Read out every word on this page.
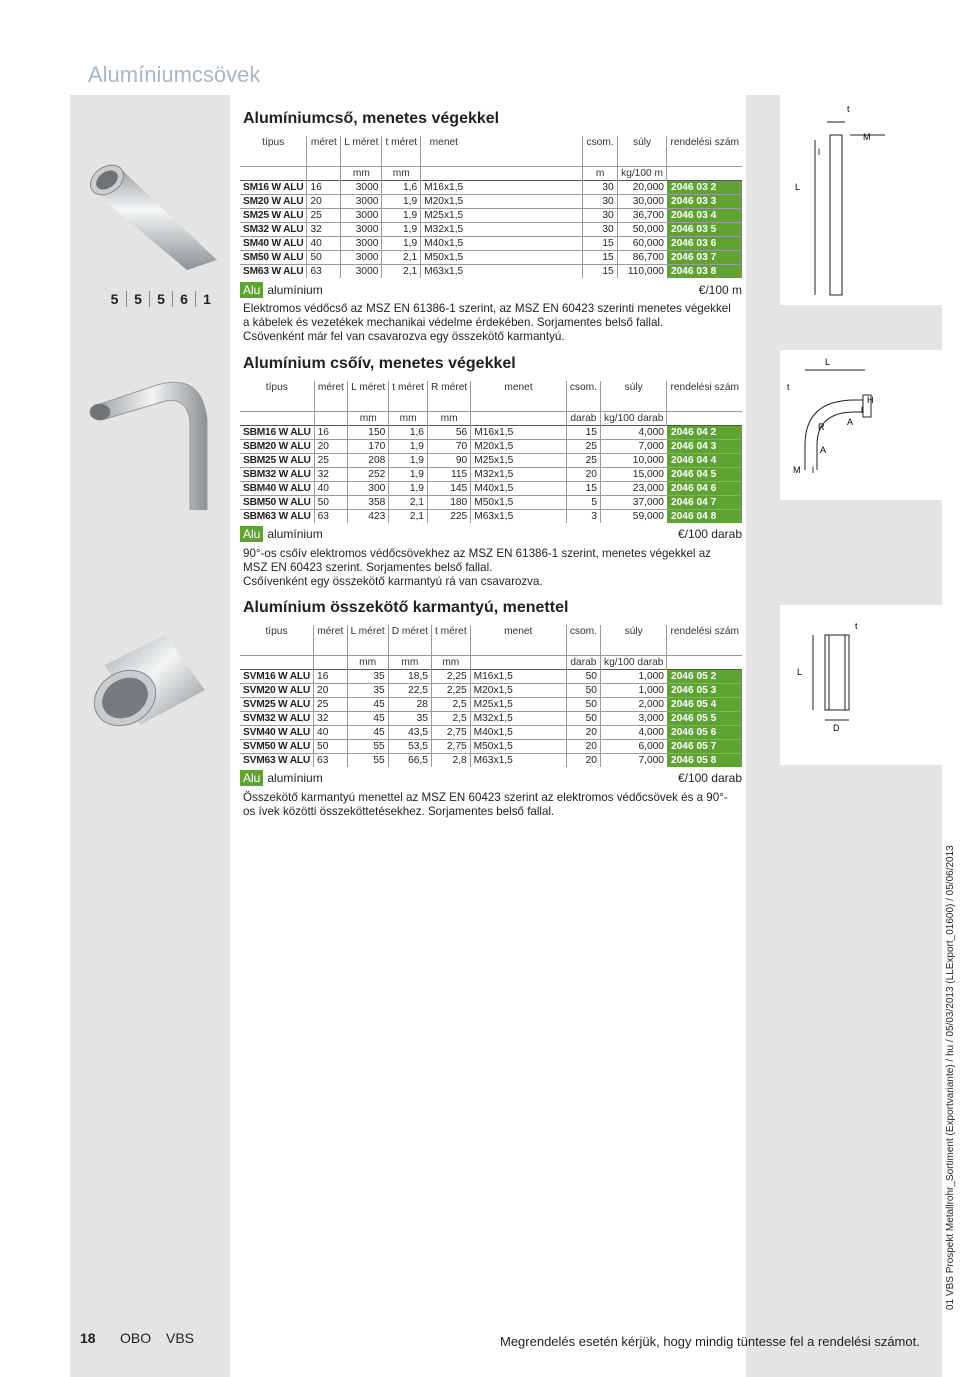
Alumíniumcsövek
5	5	5	6	1
L
t
l
M
L
t
R	A
A
M l
H
l
L
t
D
Alumíniumcső, menetes végekkel
típus	méret	L méret	t méret	menet		csom.	súly	rendelési szám
		mm	mm			m	kg/100 m	
SM16 W ALU	16	3000	1,6	M16x1,5		30	20,000	2046 03 2
SM20 W ALU	20	3000	1,9	M20x1,5		30	30,000	2046 03 3
SM25 W ALU	25	3000	1,9	M25x1,5		30	36,700	2046 03 4
SM32 W ALU	32	3000	1,9	M32x1,5		30	50,000	2046 03 5
SM40 W ALU	40	3000	1,9	M40x1,5		15	60,000	2046 03 6
SM50 W ALU	50	3000	2,1	M50x1,5		15	86,700	2046 03 7
SM63 W ALU	63	3000	2,1	M63x1,5		15	110,000	2046 03 8
Alu alumínium	€/100 m
Elektromos védőcső az MSZ EN 61386-1 szerint, az MSZ EN 60423 szerinti menetes végekkel
a kábelek és vezetékek mechanikai védelme érdekében. Sorjamentes belső fallal.
Csövenként már fel van csavarozva egy összekötő karmantyú.
Alumínium csőív, menetes végekkel
típus	méret	L méret	t méret	R méret	menet	csom.	súly	rendelési szám
		mm	mm	mm		darab	kg/100 darab	
SBM16 W ALU	16	150	1,6	56	M16x1,5	15	4,000	2046 04 2
SBM20 W ALU	20	170	1,9	70	M20x1,5	25	7,000	2046 04 3
SBM25 W ALU	25	208	1,9	90	M25x1,5	25	10,000	2046 04 4
SBM32 W ALU	32	252	1,9	115	M32x1,5	20	15,000	2046 04 5
SBM40 W ALU	40	300	1,9	145	M40x1,5	15	23,000	2046 04 6
SBM50 W ALU	50	358	2,1	180	M50x1,5	5	37,000	2046 04 7
SBM63 W ALU	63	423	2,1	225	M63x1,5	3	59,000	2046 04 8
Alu alumínium	€/100 darab
90°-os csőív elektromos védőcsövekhez az MSZ EN 61386-1 szerint, menetes végekkel az
MSZ EN 60423 szerint. Sorjamentes belső fallal.
Csőívenként egy összekötő karmantyú rá van csavarozva.
Alumínium összekötő karmantyú, menettel
típus	méret	L méret	D méret	t méret	menet	csom.	súly	rendelési szám
		mm	mm	mm		darab	kg/100 darab	
SVM16 W ALU	16	35	18,5	2,25	M16x1,5	50	1,000	2046 05 2
SVM20 W ALU	20	35	22,5	2,25	M20x1,5	50	1,000	2046 05 3
SVM25 W ALU	25	45	28	2,5	M25x1,5	50	2,000	2046 05 4
SVM32 W ALU	32	45	35	2,5	M32x1,5	50	3,000	2046 05 5
SVM40 W ALU	40	45	43,5	2,75	M40x1,5	20	4,000	2046 05 6
SVM50 W ALU	50	55	53,5	2,75	M50x1,5	20	6,000	2046 05 7
SVM63 W ALU	63	55	66,5	2,8	M63x1,5	20	7,000	2046 05 8
Alu alumínium	€/100 darab
Összekötő karmantyú menettel az MSZ EN 60423 szerint az elektromos védőcsövek és a 90°-
os ívek közötti összeköttetésekhez. Sorjamentes belső fallal.
18 OBO VBS	Megrendelés esetén kérjük, hogy mindig tüntesse fel a rendelési számot.
01 VBS Prospekt Metallrohr_Sortiment (Exportvariante) / hu / 05/03/2013 (LLExport_01600) / 05/06/2013
